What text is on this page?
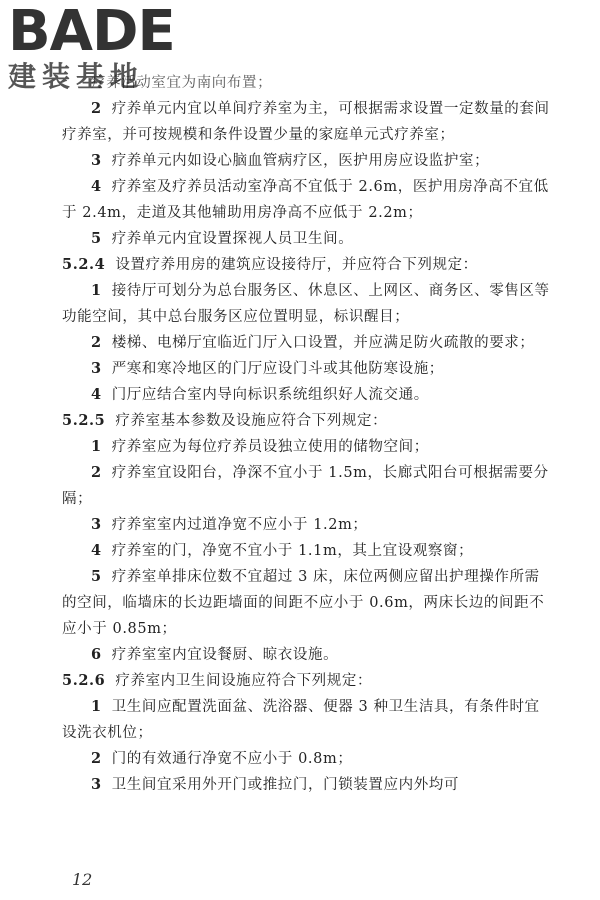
BADE
建装基地

疗养活动室宜为南向布置；

2 疗养单元内宜以单间疗养室为主，可根据需求设置一定数量的套间疗养室，并可按规模和条件设置少量的家庭单元式疗养室；

3 疗养单元内如设心脑血管病疗区，医护用房应设监护室；

4 疗养室及疗养员活动室净高不宜低于 2.6m，医护用房净高不宜低于 2.4m，走道及其他辅助用房净高不应低于 2.2m；

5 疗养单元内宜设置探视人员卫生间。

5.2.4 设置疗养用房的建筑应设接待厅，并应符合下列规定：

1 接待厅可划分为总台服务区、休息区、上网区、商务区、零售区等功能空间，其中总台服务区应位置明显，标识醒目；

2 楼梯、电梯厅宜临近门厅入口设置，并应满足防火疏散的要求；

3 严寒和寒冷地区的门厅应设门斗或其他防寒设施；

4 门厅应结合室内导向标识系统组织好人流交通。

5.2.5 疗养室基本参数及设施应符合下列规定：

1 疗养室应为每位疗养员设独立使用的储物空间；

2 疗养室宜设阳台，净深不宜小于 1.5m，长廊式阳台可根据需要分隔；

3 疗养室室内过道净宽不应小于 1.2m；

4 疗养室的门，净宽不宜小于 1.1m，其上宜设观察窗；

5 疗养室单排床位数不宜超过 3 床，床位两侧应留出护理操作所需的空间，临墙床的长边距墙面的间距不应小于 0.6m，两床长边的间距不应小于 0.85m；

6 疗养室室内宜设餐厨、晾衣设施。

5.2.6 疗养室内卫生间设施应符合下列规定：

1 卫生间应配置洗面盆、洗浴器、便器 3 种卫生洁具，有条件时宜设洗衣机位；

2 门的有效通行净宽不应小于 0.8m；

3 卫生间宜采用外开门或推拉门，门锁装置应内外均可

12
